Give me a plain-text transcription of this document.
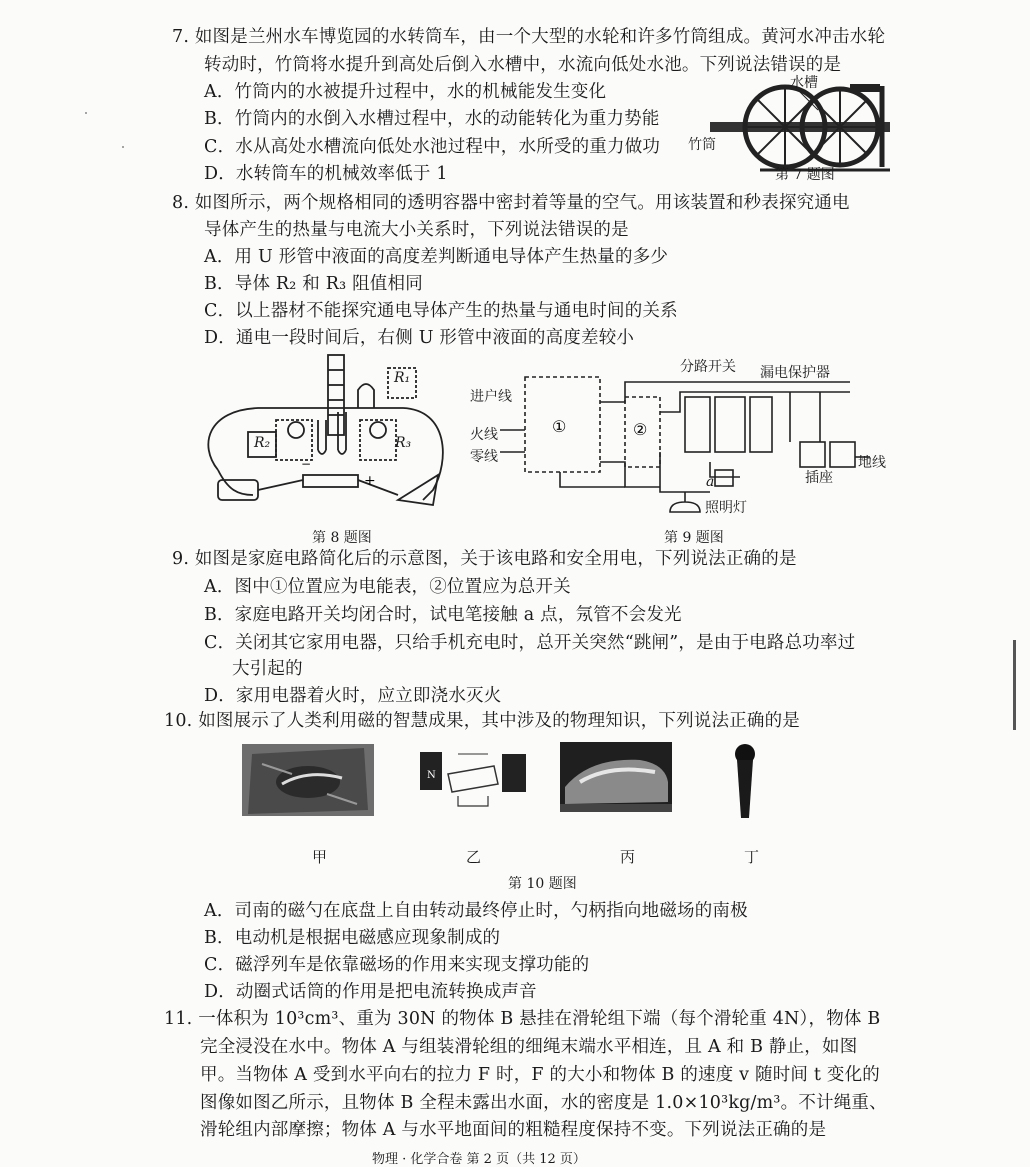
7. 如图是兰州水车博览园的水转筒车，由一个大型的水轮和许多竹筒组成。黄河水冲击水轮
转动时，竹筒将水提升到高处后倒入水槽中，水流向低处水池。下列说法错误的是
A．竹筒内的水被提升过程中，水的机械能发生变化
B．竹筒内的水倒入水槽过程中，水的动能转化为重力势能
C．水从高处水槽流向低处水池过程中，水所受的重力做功
D．水转筒车的机械效率低于 1
水槽
竹筒
第 7 题图
8. 如图所示，两个规格相同的透明容器中密封着等量的空气。用该装置和秒表探究通电
导体产生的热量与电流大小关系时，下列说法错误的是
A．用 U 形管中液面的高度差判断通电导体产生热量的多少
B．导体 R₂ 和 R₃ 阻值相同
C．以上器材不能探究通电导体产生的热量与通电时间的关系
D．通电一段时间后，右侧 U 形管中液面的高度差较小
−
+
R₁
R₂	R₃
第 8 题图
①	②
进户线
火线
零线
分路开关 漏电保护器
a
照明灯
插座
地线
第 9 题图
9. 如图是家庭电路简化后的示意图，关于该电路和安全用电，下列说法正确的是
A．图中①位置应为电能表，②位置应为总开关
B．家庭电路开关均闭合时，试电笔接触 a 点，氖管不会发光
C．关闭其它家用电器，只给手机充电时，总开关突然“跳闸”，是由于电路总功率过
大引起的
D．家用电器着火时，应立即浇水灭火
10. 如图展示了人类利用磁的智慧成果，其中涉及的物理知识，下列说法正确的是
N
甲	乙	丙	丁
第 10 题图
A．司南的磁勺在底盘上自由转动最终停止时，勺柄指向地磁场的南极
B．电动机是根据电磁感应现象制成的
C．磁浮列车是依靠磁场的作用来实现支撑功能的
D．动圈式话筒的作用是把电流转换成声音
11. 一体积为 10³cm³、重为 30N 的物体 B 悬挂在滑轮组下端（每个滑轮重 4N），物体 B
完全浸没在水中。物体 A 与组装滑轮组的细绳末端水平相连，且 A 和 B 静止，如图
甲。当物体 A 受到水平向右的拉力 F 时，F 的大小和物体 B 的速度 v 随时间 t 变化的
图像如图乙所示，且物体 B 全程未露出水面，水的密度是 1.0×10³kg/m³。不计绳重、
滑轮组内部摩擦；物体 A 与水平地面间的粗糙程度保持不变。下列说法正确的是
物理 · 化学合卷 第 2 页（共 12 页）
